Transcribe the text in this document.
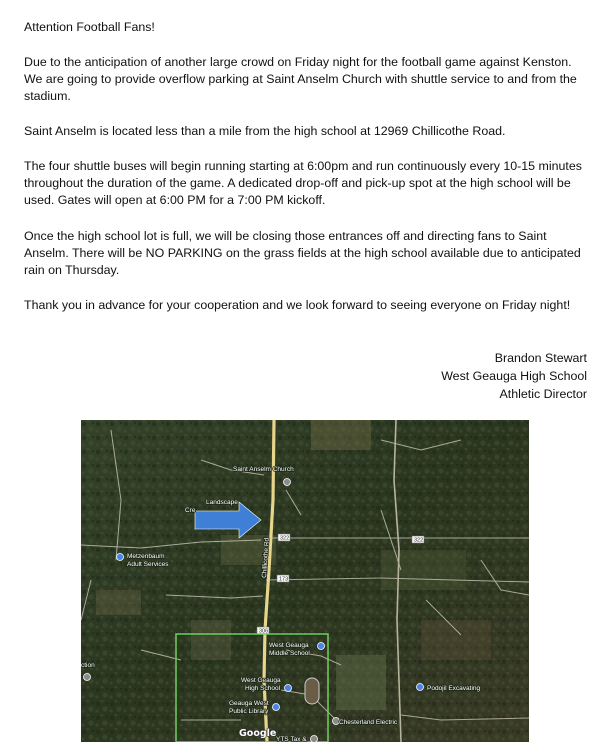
Attention Football Fans!

Due to the anticipation of another large crowd on Friday night for the football game against Kenston. We are going to provide overflow parking at Saint Anselm Church with shuttle service to and from the stadium.

Saint Anselm is located less than a mile from the high school at 12969 Chillicothe Road.

The four shuttle buses will begin running starting at 6:00pm and run continuously every 10-15 minutes throughout the duration of the game. A dedicated drop-off and pick-up spot at the high school will be used. Gates will open at 6:00 PM for a 7:00 PM kickoff.

Once the high school lot is full, we will be closing those entrances off and directing fans to Saint Anselm. There will be NO PARKING on the grass fields at the high school available due to anticipated rain on Thursday.

Thank you in advance for your cooperation and we look forward to seeing everyone on Friday night!

Brandon Stewart

West Geauga High School

Athletic Director

322	322
173
306
Chillicothe Rd
Saint Anselm Church
Landscape
Cre
Metzenbaum
Adult Services
West Geauga
Middle School
West Geauga
High School
Geauga West
Public Library
Podojil Excavating
Chesterland Electric
YTS Tax &
ction
Google
